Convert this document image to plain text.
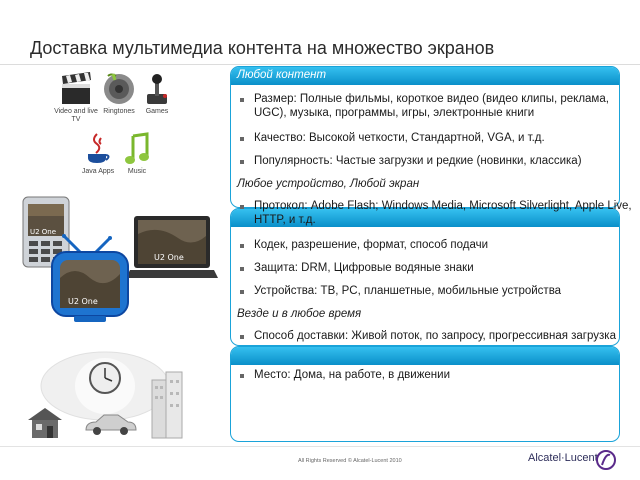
Доставка мультимедиа контента на множество экранов
Video and live TV
Ringtones	Games
Java Apps	Music
U2 One
U2 One
U2 One
Любой контент
Размер: Полные фильмы, короткое видео (видео клипы, реклама, UGC), музыка, программы, игры, электронные книги
Качество: Высокой четкости, Стандартной, VGA, и т.д.
Популярность: Частые загрузки и редкие (новинки, классика)
Любое устройство, Любой экран
Протокол: Adobe Flash; Windows Media, Microsoft Silverlight, Apple Live, HTTP, и т.д.
Кодек, разрешение, формат, способ подачи
Защита: DRM, Цифровые водяные знаки
Устройства: ТВ, PC, планшетные, мобильные устройства
Везде и в любое время
Способ доставки: Живой поток, по запросу, прогрессивная загрузка
Место: Дома, на работе, в движении
All Rights Reserved © Alcatel-Lucent 2010	Alcatel·Lucent
